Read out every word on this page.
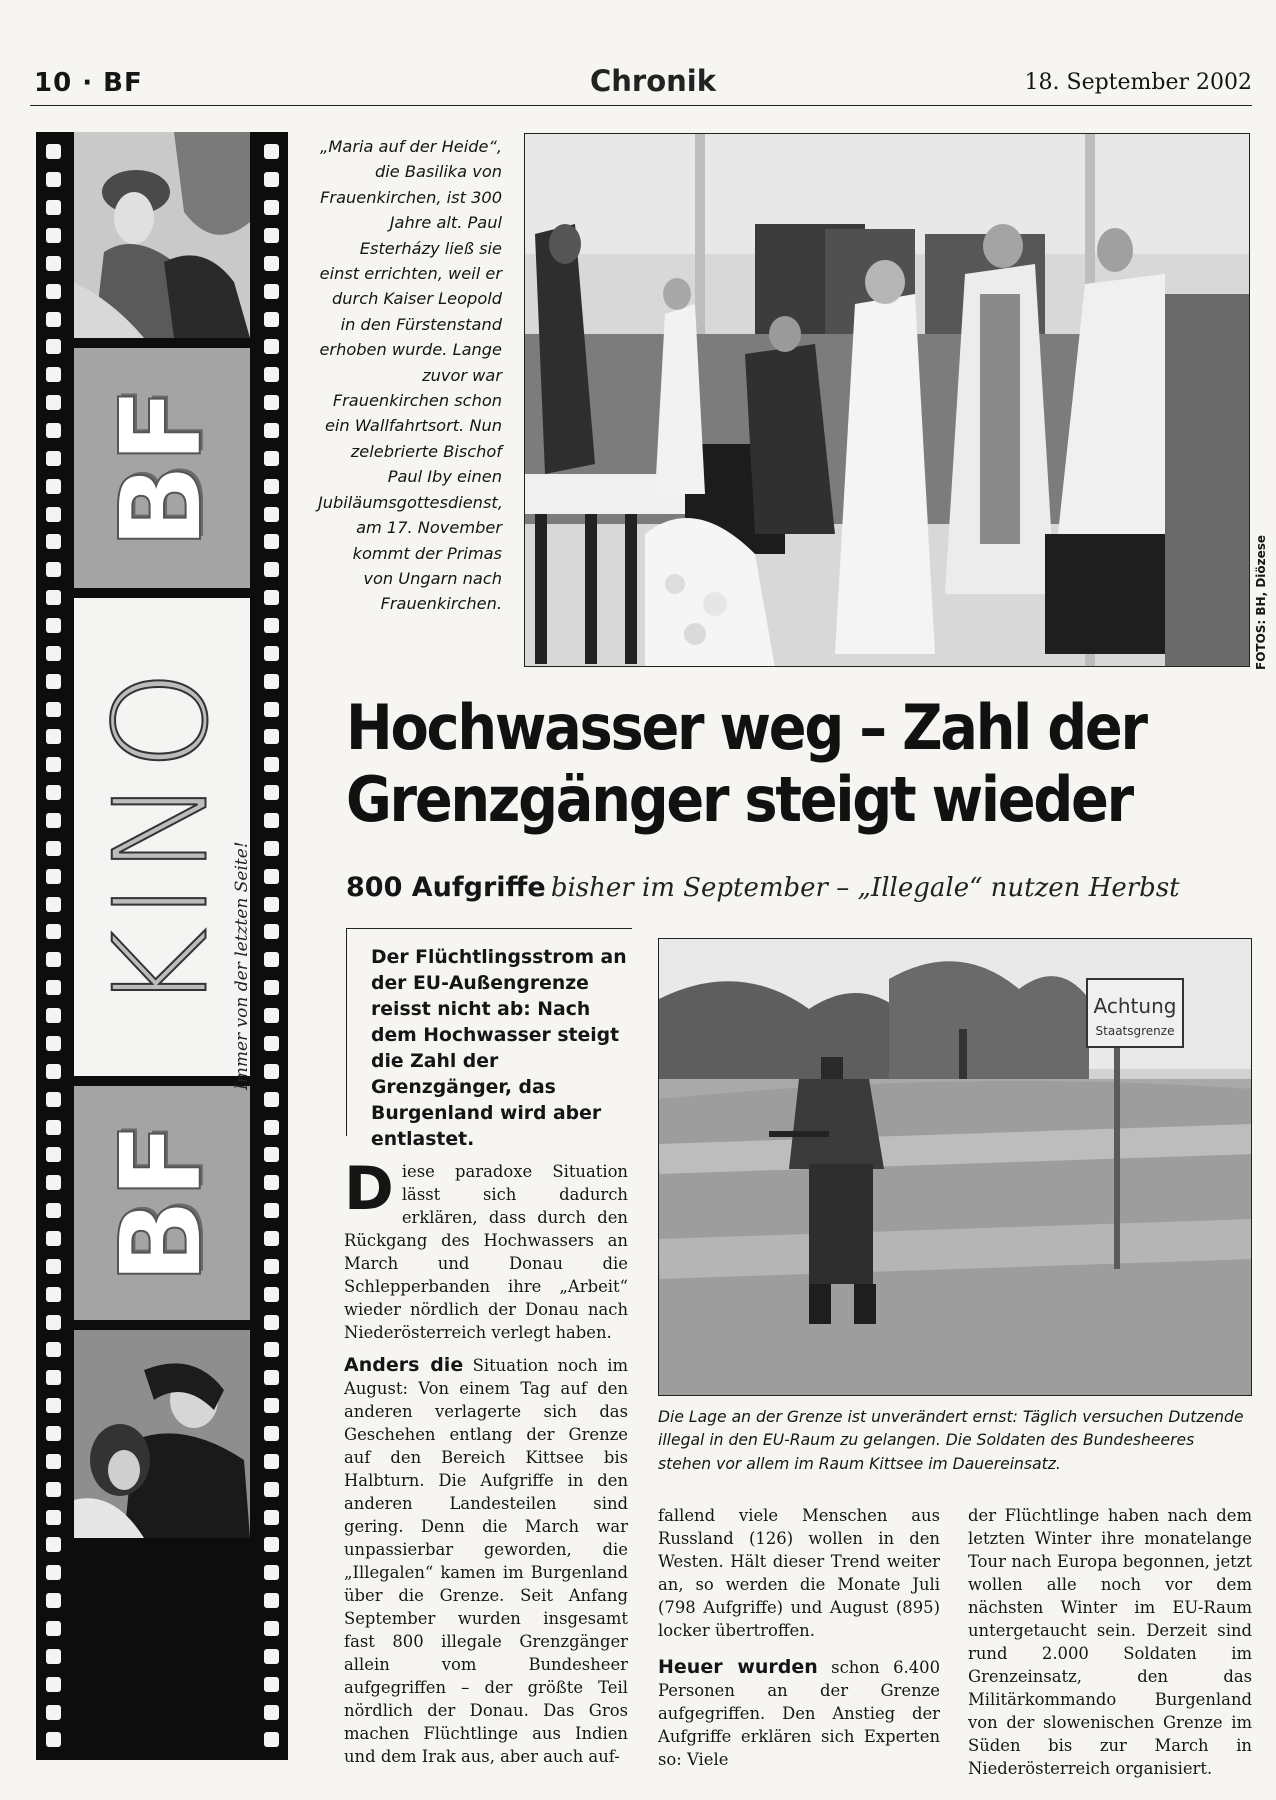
10 · BF	Chronik	18. September 2002
BF
KINO
BF
Immer von der letzten Seite!
„Maria auf der Heide“, die Basilika von Frauenkirchen, ist 300 Jahre alt. Paul Esterházy ließ sie einst errichten, weil er durch Kaiser Leopold in den Fürstenstand erhoben wurde. Lange zuvor war Frauenkirchen schon ein Wallfahrtsort. Nun zelebrierte Bischof Paul Iby einen Jubiläumsgottesdienst, am 17. November kommt der Primas von Ungarn nach Frauenkirchen.	FOTOS: BH, Diözese
Hochwasser weg – Zahl der
Grenzgänger steigt wieder
800 Aufgriffe bisher im September – „Illegale“ nutzen Herbst
Der Flüchtlingsstrom an der EU-Außengrenze reisst nicht ab: Nach dem Hochwasser steigt die Zahl der Grenzgänger, das Burgenland wird aber entlastet.

Diese paradoxe Situation lässt sich dadurch erklären, dass durch den Rückgang des Hochwassers an March und Donau die Schlepperbanden ihre „Arbeit“ wieder nördlich der Donau nach Niederösterreich verlegt haben.

Anders die Situation noch im August: Von einem Tag auf den anderen verlagerte sich das Geschehen entlang der Grenze auf den Bereich Kittsee bis Halbturn. Die Aufgriffe in den anderen Landesteilen sind gering. Denn die March war unpassierbar geworden, die „Illegalen“ kamen im Burgenland über die Grenze. Seit Anfang September wurden insgesamt fast 800 illegale Grenzgänger allein vom Bundesheer aufgegriffen – der größte Teil nördlich der Donau. Das Gros machen Flüchtlinge aus Indien und dem Irak aus, aber auch auf-

Achtung
Staatsgrenze
Die Lage an der Grenze ist unverändert ernst: Täglich versuchen Dutzende illegal in den EU-Raum zu gelangen. Die Soldaten des Bundesheeres stehen vor allem im Raum Kittsee im Dauereinsatz.

fallend viele Menschen aus Russland (126) wollen in den Westen. Hält dieser Trend weiter an, so werden die Monate Juli (798 Aufgriffe) und August (895) locker übertroffen.

Heuer wurden schon 6.400 Personen an der Grenze aufgegriffen. Den Anstieg der Aufgriffe erklären sich Experten so: Viele

der Flüchtlinge haben nach dem letzten Winter ihre monatelange Tour nach Europa begonnen, jetzt wollen alle noch vor dem nächsten Winter im EU-Raum untergetaucht sein. Derzeit sind rund 2.000 Soldaten im Grenzeinsatz, den das Militärkommando Burgenland von der slowenischen Grenze im Süden bis zur March in Niederösterreich organisiert.
